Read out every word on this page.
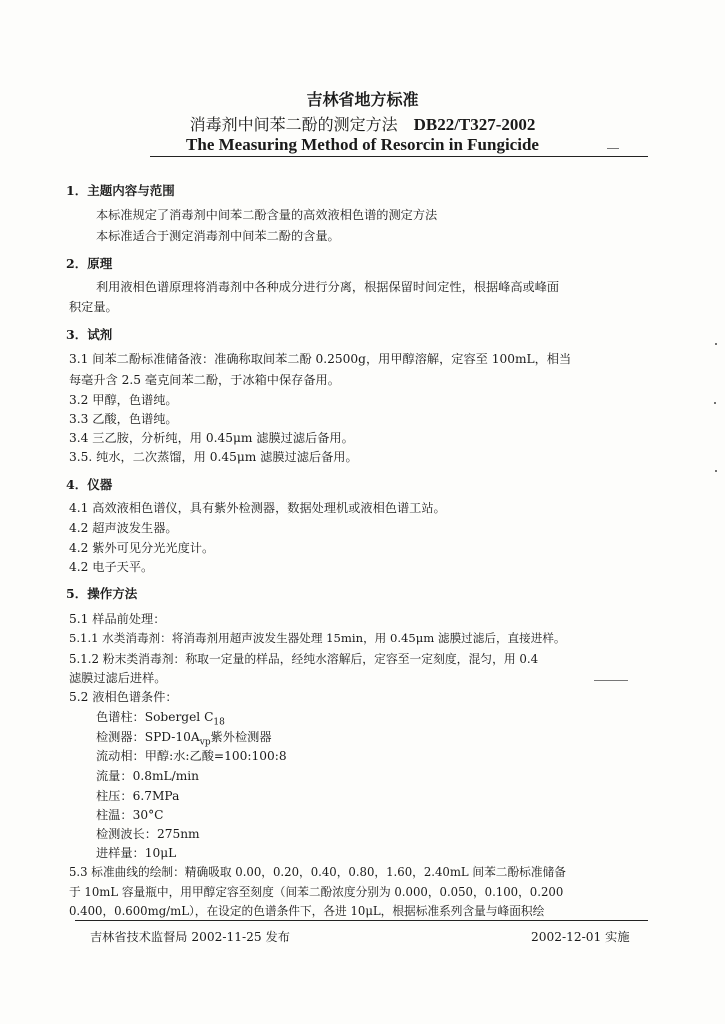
吉林省地方标准
消毒剂中间苯二酚的测定方法 DB22/T327-2002
The Measuring Method of Resorcin in Fungicide
1．主题内容与范围
本标准规定了消毒剂中间苯二酚含量的高效液相色谱的测定方法
本标准适合于测定消毒剂中间苯二酚的含量。
2．原理
利用液相色谱原理将消毒剂中各种成分进行分离，根据保留时间定性，根据峰高或峰面
积定量。
3．试剂
3.1 间苯二酚标准储备液：准确称取间苯二酚 0.2500g，用甲醇溶解，定容至 100mL，相当
每毫升含 2.5 毫克间苯二酚，于冰箱中保存备用。
3.2 甲醇，色谱纯。
3.3 乙酸，色谱纯。
3.4 三乙胺，分析纯，用 0.45μm 滤膜过滤后备用。
3.5. 纯水，二次蒸馏，用 0.45μm 滤膜过滤后备用。
4．仪器
4.1 高效液相色谱仪，具有紫外检测器，数据处理机或液相色谱工站。
4.2 超声波发生器。
4.2 紫外可见分光光度计。
4.2 电子天平。
5．操作方法
5.1 样品前处理：
5.1.1 水类消毒剂：将消毒剂用超声波发生器处理 15min，用 0.45μm 滤膜过滤后，直接进样。
5.1.2 粉末类消毒剂：称取一定量的样品，经纯水溶解后，定容至一定刻度，混匀，用 0.4
滤膜过滤后进样。
5.2 液相色谱条件：
色谱柱：Sobergel $C_{18}$
检测器：SPD-$10A_{vp}$紫外检测器
流动相：甲醇:水:乙酸=100:100:8
流量：0.8mL/min
柱压：6.7MPa
柱温：30°C
检测波长：275nm
进样量：10μL
5.3 标准曲线的绘制：精确吸取 0.00，0.20，0.40，0.80，1.60，2.40mL 间苯二酚标准储备
于 10mL 容量瓶中，用甲醇定容至刻度（间苯二酚浓度分别为 0.000，0.050，0.100，0.200
0.400，0.600mg/mL），在设定的色谱条件下，各进 10μL，根据标准系列含量与峰面积绘
吉林省技术监督局 2002-11-25 发布	2002-12-01 实施
